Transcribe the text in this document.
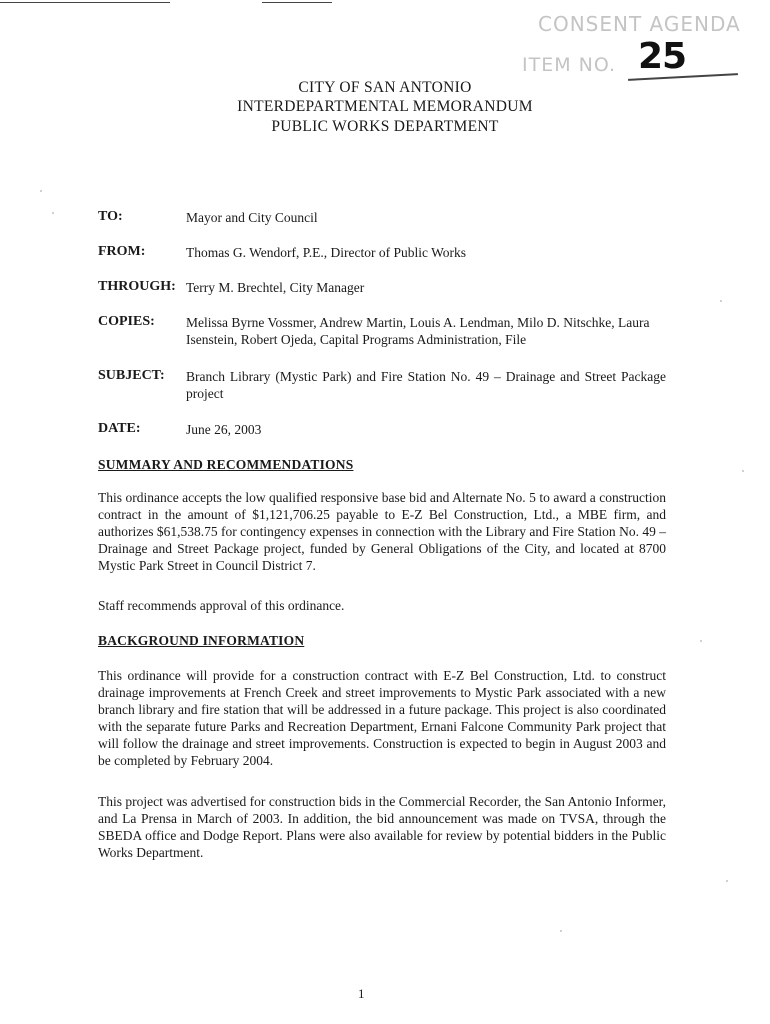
CONSENT AGENDA
ITEM NO. 25
CITY OF SAN ANTONIO
INTERDEPARTMENTAL MEMORANDUM
PUBLIC WORKS DEPARTMENT
TO:	Mayor and City Council
FROM:	Thomas G. Wendorf, P.E., Director of Public Works
THROUGH: Terry M. Brechtel, City Manager
COPIES: Melissa Byrne Vossmer, Andrew Martin, Louis A. Lendman, Milo D. Nitschke, Laura Isenstein, Robert Ojeda, Capital Programs Administration, File
SUBJECT: Branch Library (Mystic Park) and Fire Station No. 49 – Drainage and Street Package project
DATE:	June 26, 2003
SUMMARY AND RECOMMENDATIONS
This ordinance accepts the low qualified responsive base bid and Alternate No. 5 to award a construction contract in the amount of $1,121,706.25 payable to E-Z Bel Construction, Ltd., a MBE firm, and authorizes $61,538.75 for contingency expenses in connection with the Library and Fire Station No. 49 – Drainage and Street Package project, funded by General Obligations of the City, and located at 8700 Mystic Park Street in Council District 7.
Staff recommends approval of this ordinance.
BACKGROUND INFORMATION
This ordinance will provide for a construction contract with E-Z Bel Construction, Ltd. to construct drainage improvements at French Creek and street improvements to Mystic Park associated with a new branch library and fire station that will be addressed in a future package. This project is also coordinated with the separate future Parks and Recreation Department, Ernani Falcone Community Park project that will follow the drainage and street improvements. Construction is expected to begin in August 2003 and be completed by February 2004.
This project was advertised for construction bids in the Commercial Recorder, the San Antonio Informer, and La Prensa in March of 2003. In addition, the bid announcement was made on TVSA, through the SBEDA office and Dodge Report. Plans were also available for review by potential bidders in the Public Works Department.
1
